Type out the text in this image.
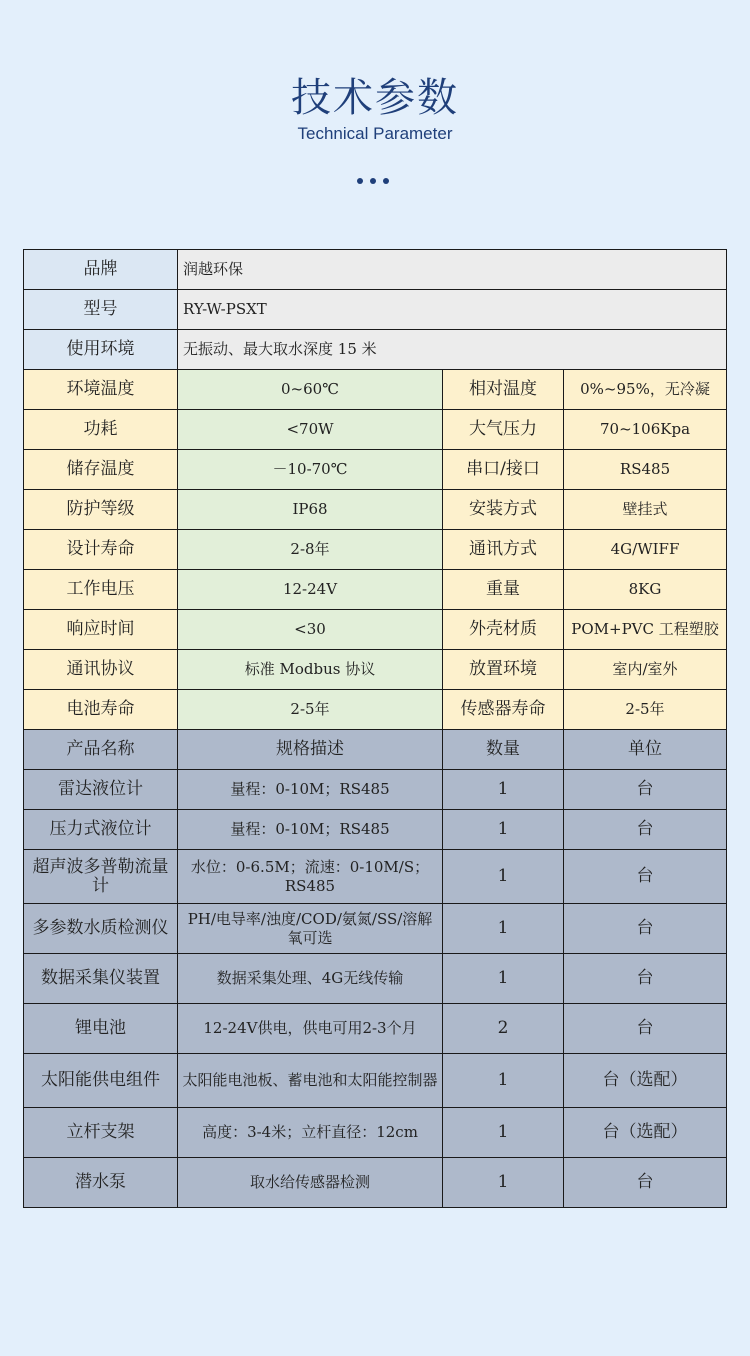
技术参数
Technical Parameter
品牌	润越环保		
型号	RY-W-PSXT		
使用环境	无振动、最大取水深度 15 米		
环境温度	0~60℃	相对温度	0%~95%，无冷凝
功耗	<70W	大气压力	70~106Kpa
储存温度	－10-70℃	串口/接口	RS485
防护等级	IP68	安装方式	壁挂式
设计寿命	2-8年	通讯方式	4G/WIFF
工作电压	12-24V	重量	8KG
响应时间	<30	外壳材质	POM+PVC 工程塑胶
通讯协议	标准 Modbus 协议	放置环境	室内/室外
电池寿命	2-5年	传感器寿命	2-5年
产品名称	规格描述	数量	单位
雷达液位计	量程：0-10M；RS485	1	台
压力式液位计	量程：0-10M；RS485	1	台
超声波多普勒流量计	水位：0-6.5M；流速：0-10M/S；RS485	1	台
多参数水质检测仪	PH/电导率/浊度/COD/氨氮/SS/溶解氧可选	1	台
数据采集仪装置	数据采集处理、4G无线传输	1	台
锂电池	12-24V供电，供电可用2-3个月	2	台
太阳能供电组件	太阳能电池板、蓄电池和太阳能控制器	1	台（选配）
立杆支架	高度：3-4米；立杆直径：12cm	1	台（选配）
潜水泵	取水给传感器检测	1	台
